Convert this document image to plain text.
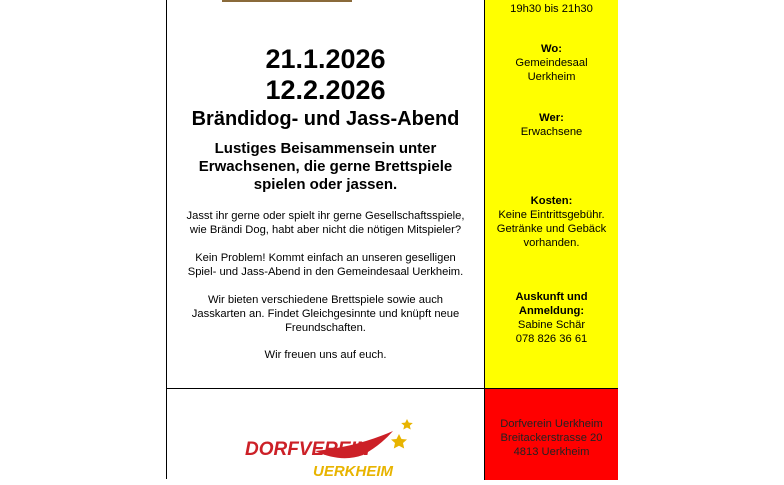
21.1.2026
12.2.2026
Brändidog- und Jass-Abend
Lustiges Beisammensein unter
Erwachsenen, die gerne Brettspiele
spielen oder jassen.
Jasst ihr gerne oder spielt ihr gerne Gesellschaftsspiele,
wie Brändi Dog, habt aber nicht die nötigen Mitspieler?
Kein Problem! Kommt einfach an unseren geselligen
Spiel- und Jass-Abend in den Gemeindesaal Uerkheim.
Wir bieten verschiedene Brettspiele sowie auch
Jasskarten an. Findet Gleichgesinnte und knüpft neue
Freundschaften.
Wir freuen uns auf euch.
DORFVEREIN
UERKHEIM
19h30 bis 21h30
Wo:
Gemeindesaal
Uerkheim
Wer:
Erwachsene
Kosten:
Keine Eintrittsgebühr.
Getränke und Gebäck
vorhanden.
Auskunft und
Anmeldung:
Sabine Schär
078 826 36 61
Dorfverein Uerkheim
Breitackerstrasse 20
4813 Uerkheim
